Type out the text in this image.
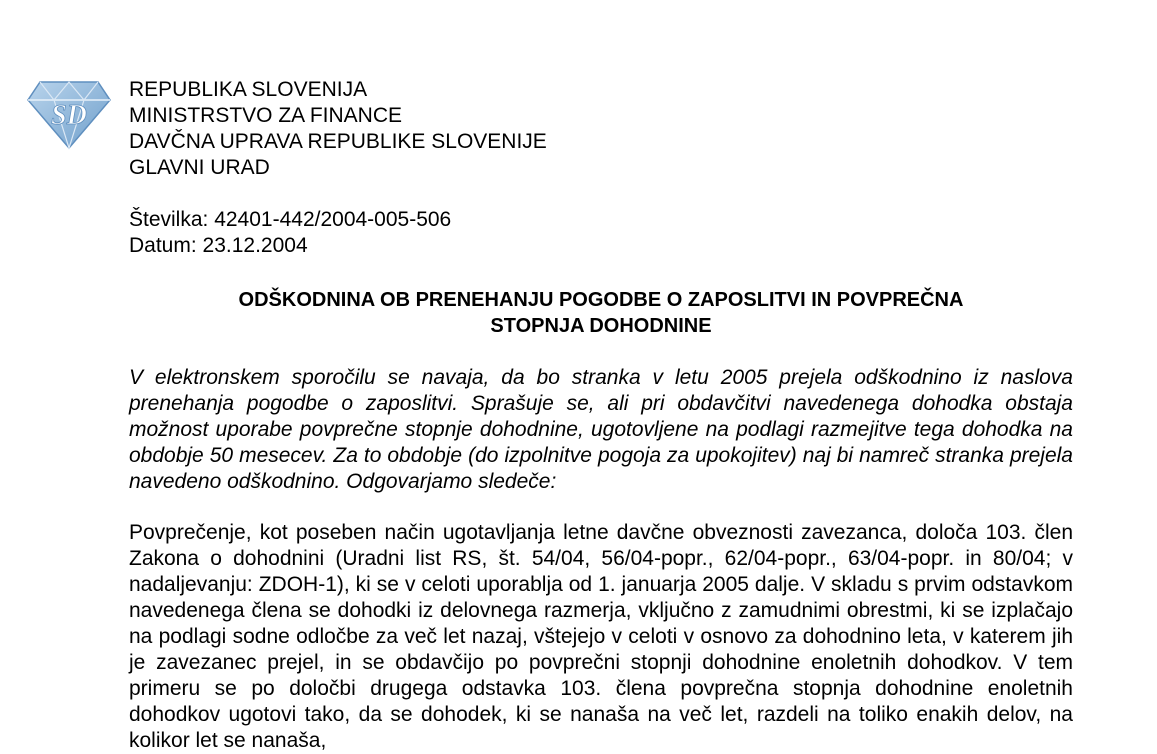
SD
REPUBLIKA SLOVENIJA
MINISTRSTVO ZA FINANCE
DAVČNA UPRAVA REPUBLIKE SLOVENIJE
GLAVNI URAD
Številka: 42401-442/2004-005-506
Datum: 23.12.2004
ODŠKODNINA OB PRENEHANJU POGODBE O ZAPOSLITVI IN POVPREČNA
STOPNJA DOHODNINE

V elektronskem sporočilu se navaja, da bo stranka v letu 2005 prejela odškodnino iz naslova prenehanja pogodbe o zaposlitvi. Sprašuje se, ali pri obdavčitvi navedenega dohodka obstaja možnost uporabe povprečne stopnje dohodnine, ugotovljene na podlagi razmejitve tega dohodka na obdobje 50 mesecev. Za to obdobje (do izpolnitve pogoja za upokojitev) naj bi namreč stranka prejela navedeno odškodnino. Odgovarjamo sledeče:

Povprečenje, kot poseben način ugotavljanja letne davčne obveznosti zavezanca, določa 103. člen Zakona o dohodnini (Uradni list RS, št. 54/04, 56/04-popr., 62/04-popr., 63/04-popr. in 80/04; v nadaljevanju: ZDOH-1), ki se v celoti uporablja od 1. januarja 2005 dalje. V skladu s prvim odstavkom navedenega člena se dohodki iz delovnega razmerja, vključno z zamudnimi obrestmi, ki se izplačajo na podlagi sodne odločbe za več let nazaj, vštejejo v celoti v osnovo za dohodnino leta, v katerem jih je zavezanec prejel, in se obdavčijo po povprečni stopnji dohodnine enoletnih dohodkov. V tem primeru se po določbi drugega odstavka 103. člena povprečna stopnja dohodnine enoletnih dohodkov ugotovi tako, da se dohodek, ki se nanaša na več let, razdeli na toliko enakih delov, na kolikor let se nanaša,
